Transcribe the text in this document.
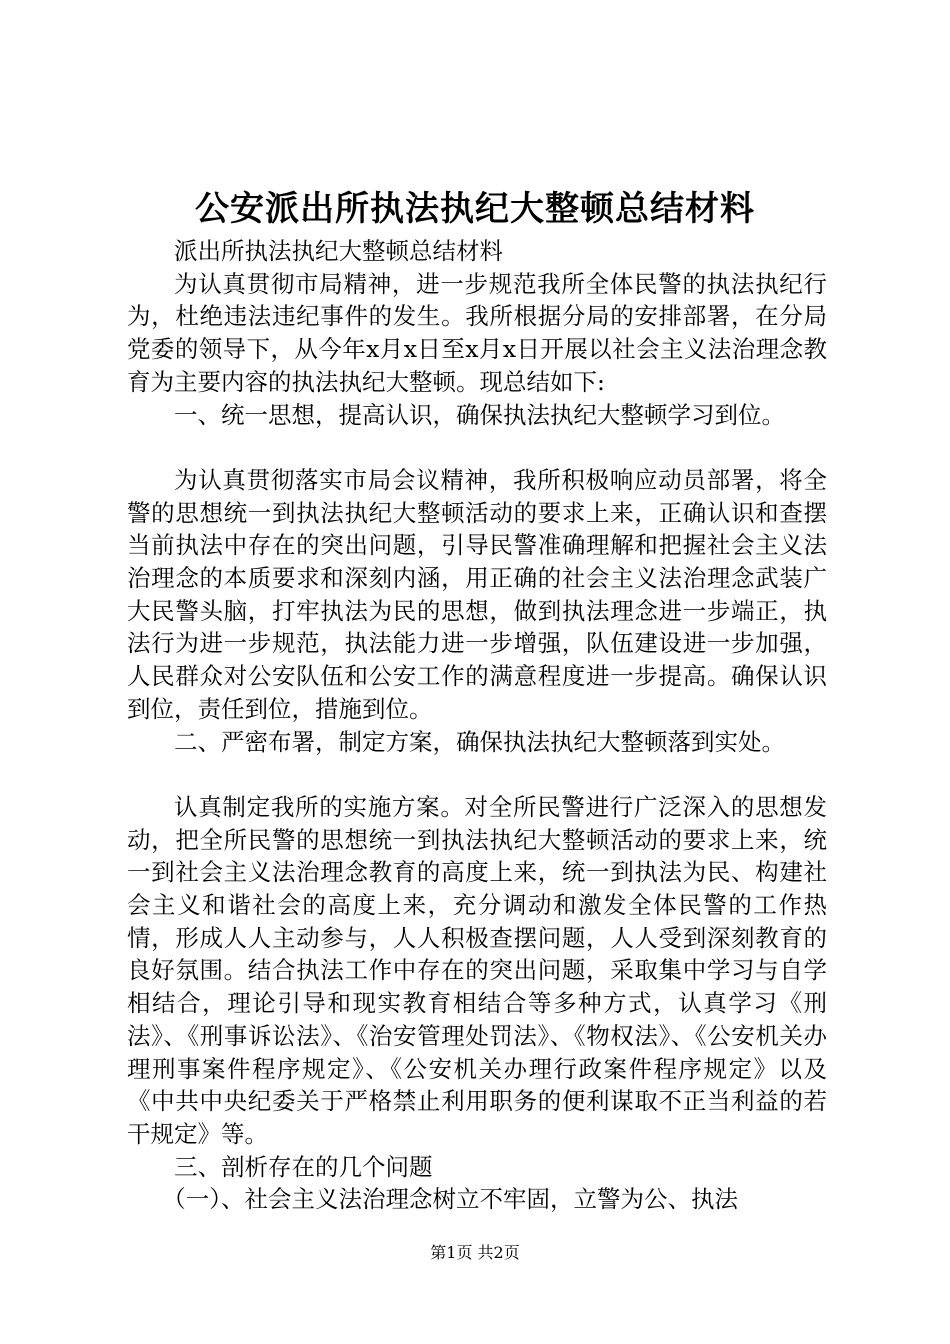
公安派出所执法执纪大整顿总结材料

派出所执法执纪大整顿总结材料

为认真贯彻市局精神，进一步规范我所全体民警的执法执纪行为，杜绝违法违纪事件的发生。我所根据分局的安排部署，在分局党委的领导下，从今年x月x日至x月x日开展以社会主义法治理念教育为主要内容的执法执纪大整顿。现总结如下:

一、统一思想，提高认识，确保执法执纪大整顿学习到位。

为认真贯彻落实市局会议精神，我所积极响应动员部署，将全警的思想统一到执法执纪大整顿活动的要求上来，正确认识和查摆当前执法中存在的突出问题，引导民警准确理解和把握社会主义法治理念的本质要求和深刻内涵，用正确的社会主义法治理念武装广大民警头脑，打牢执法为民的思想，做到执法理念进一步端正，执法行为进一步规范，执法能力进一步增强，队伍建设进一步加强，人民群众对公安队伍和公安工作的满意程度进一步提高。确保认识到位，责任到位，措施到位。

二、严密布署，制定方案，确保执法执纪大整顿落到实处。

认真制定我所的实施方案。对全所民警进行广泛深入的思想发动，把全所民警的思想统一到执法执纪大整顿活动的要求上来，统一到社会主义法治理念教育的高度上来，统一到执法为民、构建社会主义和谐社会的高度上来，充分调动和激发全体民警的工作热情，形成人人主动参与，人人积极查摆问题，人人受到深刻教育的良好氛围。结合执法工作中存在的突出问题，采取集中学习与自学相结合，理论引导和现实教育相结合等多种方式，认真学习《刑法》、《刑事诉讼法》、《治安管理处罚法》、《物权法》、《公安机关办理刑事案件程序规定》、《公安机关办理行政案件程序规定》以及《中共中央纪委关于严格禁止利用职务的便利谋取不正当利益的若干规定》等。

三、剖析存在的几个问题

（一）、社会主义法治理念树立不牢固，立警为公、执法

第1页 共2页
